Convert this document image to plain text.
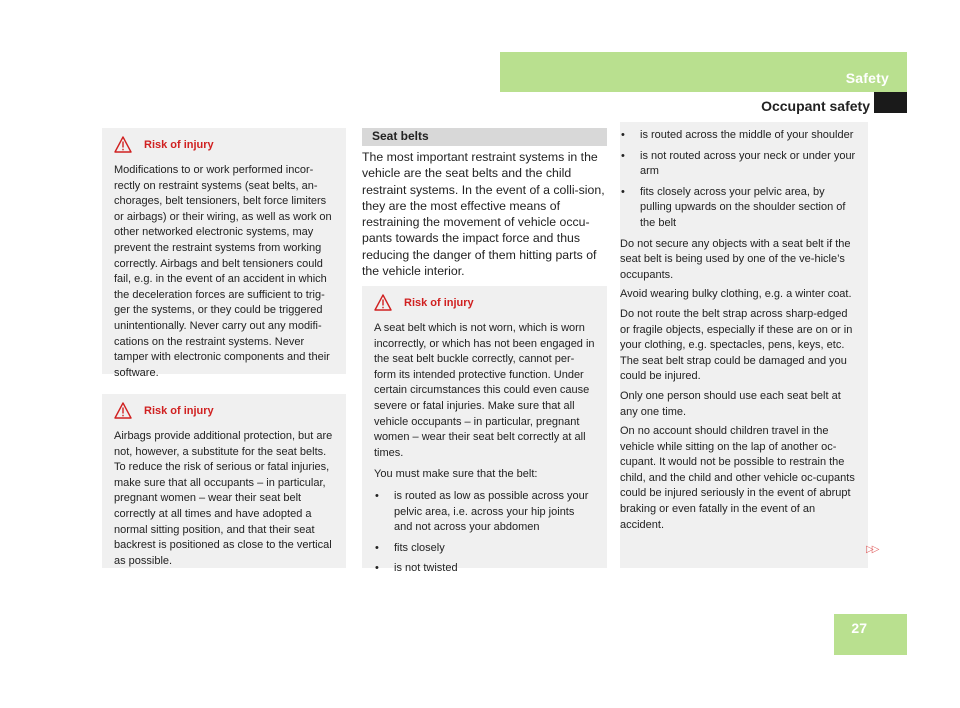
Safety
Occupant safety
Risk of injury

Modifications to or work performed incor-rectly on restraint systems (seat belts, an-chorages, belt tensioners, belt force limiters or airbags) or their wiring, as well as work on other networked electronic systems, may prevent the restraint systems from working correctly. Airbags and belt tensioners could fail, e.g. in the event of an accident in which the deceleration forces are sufficient to trig-ger the systems, or they could be triggered unintentionally. Never carry out any modifi-cations on the restraint systems. Never tamper with electronic components and their software.

Risk of injury

Airbags provide additional protection, but are not, however, a substitute for the seat belts. To reduce the risk of serious or fatal injuries, make sure that all occupants – in particular, pregnant women – wear their seat belt correctly at all times and have adopted a normal sitting position, and that their seat backrest is positioned as close to the vertical as possible.

Seat belts
The most important restraint systems in the vehicle are the seat belts and the child restraint systems. In the event of a colli-sion, they are the most effective means of restraining the movement of vehicle occu-pants towards the impact force and thus reducing the danger of them hitting parts of the vehicle interior.
Risk of injury

A seat belt which is not worn, which is worn incorrectly, or which has not been engaged in the seat belt buckle correctly, cannot per-form its intended protective function. Under certain circumstances this could even cause severe or fatal injuries. Make sure that all vehicle occupants – in particular, pregnant women – wear their seat belt correctly at all times.

You must make sure that the belt:

• is routed as low as possible across your pelvic area, i.e. across your hip joints and not across your abdomen
• fits closely
• is not twisted
• is routed across the middle of your shoulder
• is not routed across your neck or under your arm
• fits closely across your pelvic area, by pulling upwards on the shoulder section of the belt

Do not secure any objects with a seat belt if the seat belt is being used by one of the ve-hicle’s occupants.

Avoid wearing bulky clothing, e.g. a winter coat.

Do not route the belt strap across sharp-edged or fragile objects, especially if these are on or in your clothing, e.g. spectacles, pens, keys, etc. The seat belt strap could be damaged and you could be injured.

Only one person should use each seat belt at any one time.

On no account should children travel in the vehicle while sitting on the lap of another oc-cupant. It would not be possible to restrain the child, and the child and other vehicle oc-cupants could be injured seriously in the event of abrupt braking or even fatally in the event of an accident.

▷▷
27
